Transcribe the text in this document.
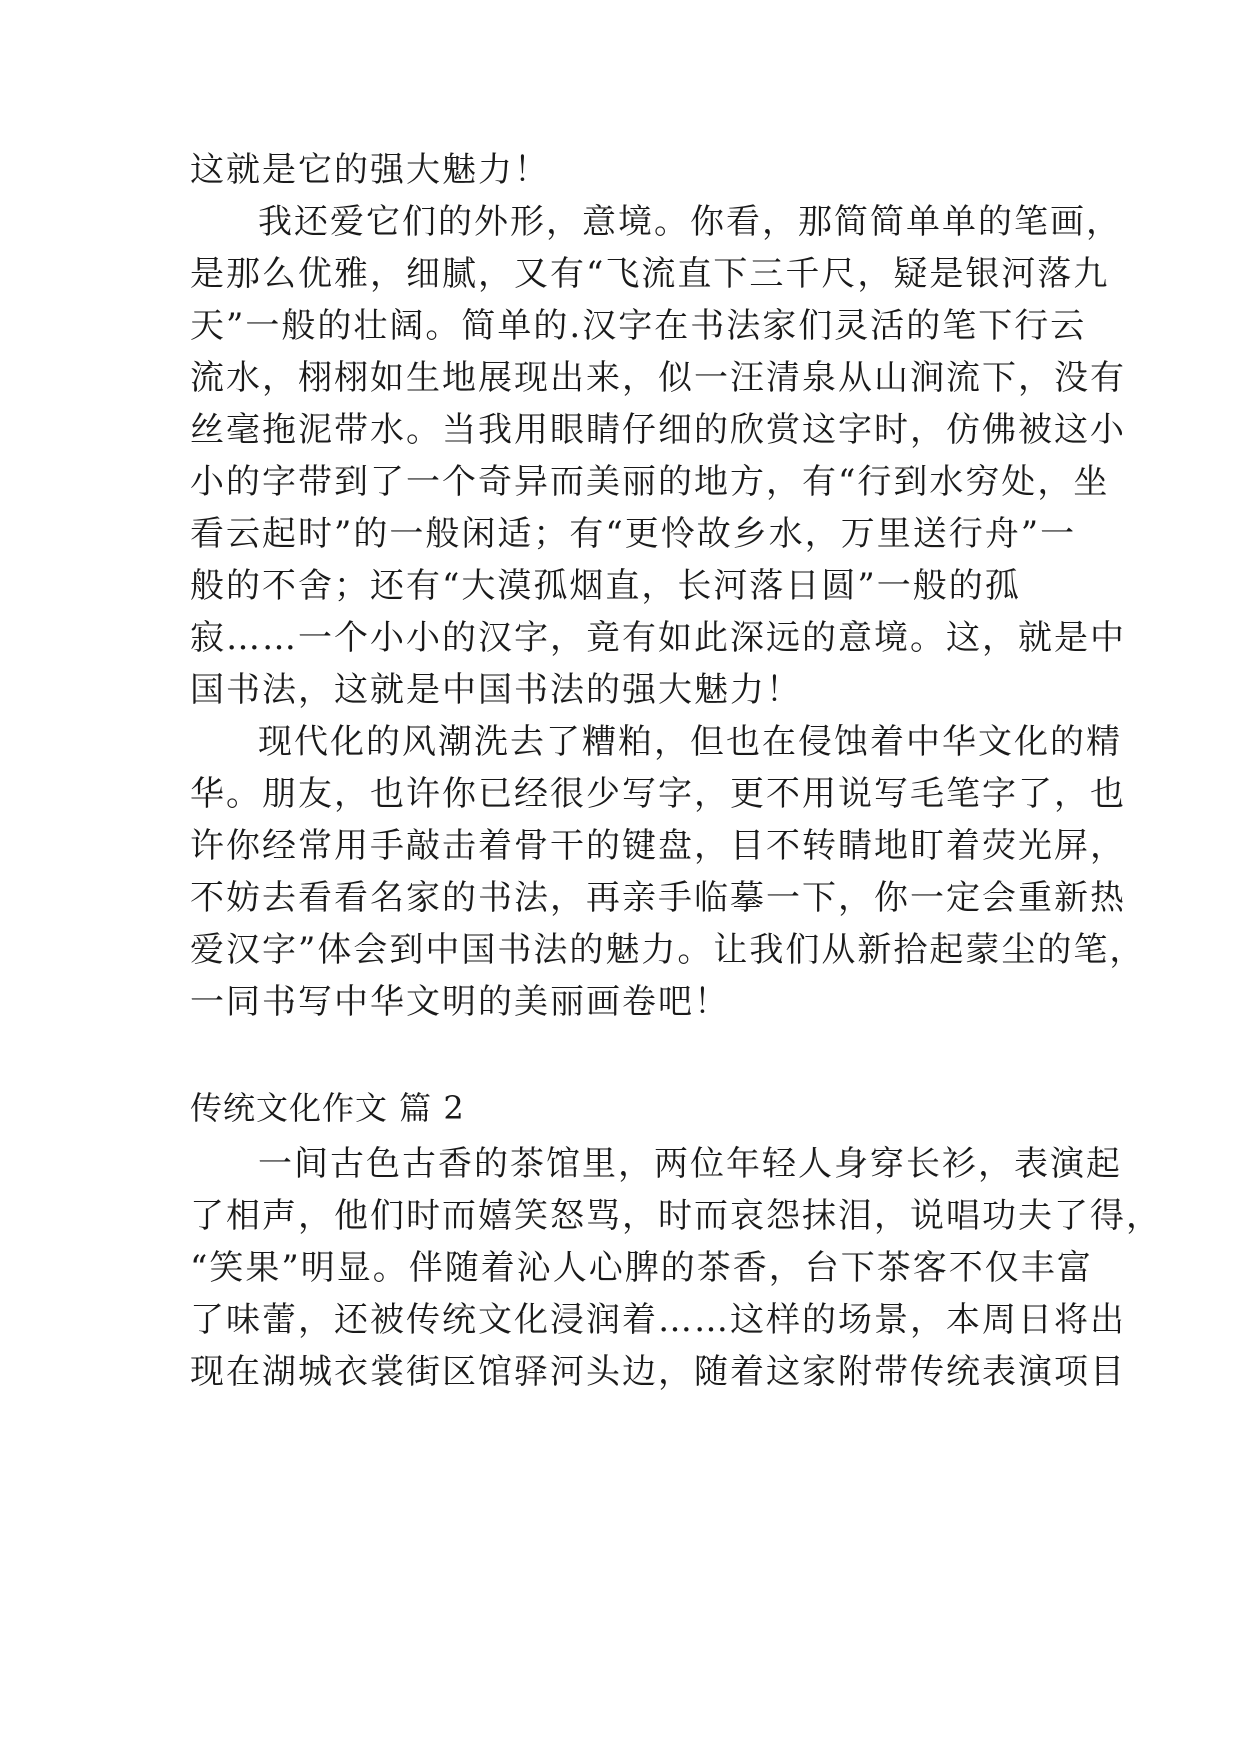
这就是它的强大魅力！
我还爱它们的外形，意境。你看，那简简单单的笔画，
是那么优雅，细腻，又有“飞流直下三千尺，疑是银河落九
天”一般的壮阔。简单的.汉字在书法家们灵活的笔下行云
流水，栩栩如生地展现出来，似一汪清泉从山涧流下，没有
丝毫拖泥带水。当我用眼睛仔细的欣赏这字时，仿佛被这小
小的字带到了一个奇异而美丽的地方，有“行到水穷处，坐
看云起时”的一般闲适；有“更怜故乡水，万里送行舟”一
般的不舍；还有“大漠孤烟直，长河落日圆”一般的孤
寂……一个小小的汉字，竟有如此深远的意境。这，就是中
国书法，这就是中国书法的强大魅力！
现代化的风潮洗去了糟粕，但也在侵蚀着中华文化的精
华。朋友，也许你已经很少写字，更不用说写毛笔字了，也
许你经常用手敲击着骨干的键盘，目不转睛地盯着荧光屏，
不妨去看看名家的书法，再亲手临摹一下，你一定会重新热
爱汉字”体会到中国书法的魅力。让我们从新拾起蒙尘的笔，
一同书写中华文明的美丽画卷吧！
传统文化作文 篇 2
一间古色古香的茶馆里，两位年轻人身穿长衫，表演起
了相声，他们时而嬉笑怒骂，时而哀怨抹泪，说唱功夫了得，
“笑果”明显。伴随着沁人心脾的茶香，台下茶客不仅丰富
了味蕾，还被传统文化浸润着……这样的场景，本周日将出
现在湖城衣裳街区馆驿河头边，随着这家附带传统表演项目
